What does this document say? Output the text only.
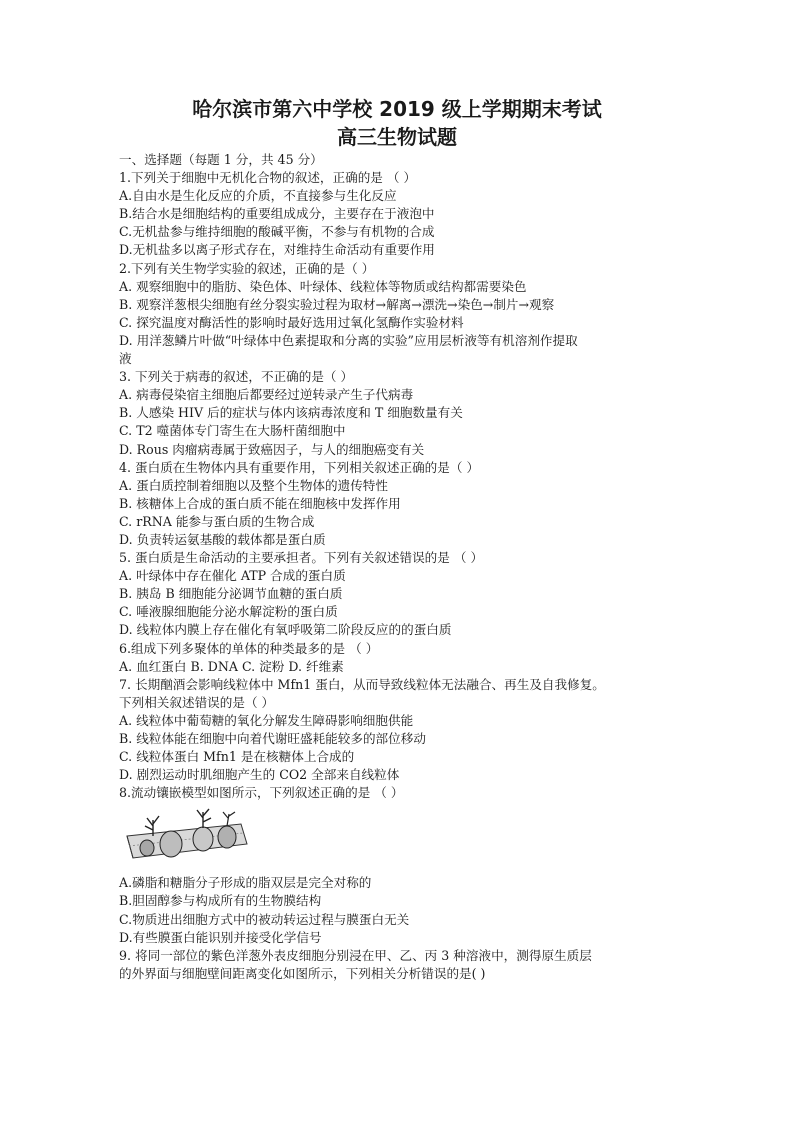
哈尔滨市第六中学校 2019 级上学期期末考试
高三生物试题
一、选择题（每题 1 分，共 45 分）
1.下列关于细胞中无机化合物的叙述，正确的是 （ ）
A.自由水是生化反应的介质，不直接参与生化反应
B.结合水是细胞结构的重要组成成分，主要存在于液泡中
C.无机盐参与维持细胞的酸碱平衡，不参与有机物的合成
D.无机盐多以离子形式存在，对维持生命活动有重要作用
2.下列有关生物学实验的叙述，正确的是（ ）
A. 观察细胞中的脂肪、染色体、叶绿体、线粒体等物质或结构都需要染色
B. 观察洋葱根尖细胞有丝分裂实验过程为取材→解离→漂洗→染色→制片→观察
C. 探究温度对酶活性的影响时最好选用过氧化氢酶作实验材料
D. 用洋葱鳞片叶做“叶绿体中色素提取和分离的实验”应用层析液等有机溶剂作提取
液
3. 下列关于病毒的叙述，不正确的是（ ）
A. 病毒侵染宿主细胞后都要经过逆转录产生子代病毒
B. 人感染 HIV 后的症状与体内该病毒浓度和 T 细胞数量有关
C. T2 噬菌体专门寄生在大肠杆菌细胞中
D. Rous 肉瘤病毒属于致癌因子，与人的细胞癌变有关
4. 蛋白质在生物体内具有重要作用，下列相关叙述正确的是（ ）
A. 蛋白质控制着细胞以及整个生物体的遗传特性
B. 核糖体上合成的蛋白质不能在细胞核中发挥作用
C. rRNA 能参与蛋白质的生物合成
D. 负责转运氨基酸的载体都是蛋白质
5. 蛋白质是生命活动的主要承担者。下列有关叙述错误的是 （ ）
A. 叶绿体中存在催化 ATP 合成的蛋白质
B. 胰岛 B 细胞能分泌调节血糖的蛋白质
C. 唾液腺细胞能分泌水解淀粉的蛋白质
D. 线粒体内膜上存在催化有氧呼吸第二阶段反应的的蛋白质
6.组成下列多聚体的单体的种类最多的是 （ ）
A. 血红蛋白 B. DNA C. 淀粉 D. 纤维素
7. 长期酗酒会影响线粒体中 Mfn1 蛋白，从而导致线粒体无法融合、再生及自我修复。
下列相关叙述错误的是（ ）
A. 线粒体中葡萄糖的氧化分解发生障碍影响细胞供能
B. 线粒体能在细胞中向着代谢旺盛耗能较多的部位移动
C. 线粒体蛋白 Mfn1 是在核糖体上合成的
D. 剧烈运动时肌细胞产生的 CO2 全部来自线粒体
8.流动镶嵌模型如图所示，下列叙述正确的是 （ ）
A.磷脂和糖脂分子形成的脂双层是完全对称的
B.胆固醇参与构成所有的生物膜结构
C.物质进出细胞方式中的被动转运过程与膜蛋白无关
D.有些膜蛋白能识别并接受化学信号
9. 将同一部位的紫色洋葱外表皮细胞分别浸在甲、乙、丙 3 种溶液中，测得原生质层
的外界面与细胞壁间距离变化如图所示，下列相关分析错误的是( )
